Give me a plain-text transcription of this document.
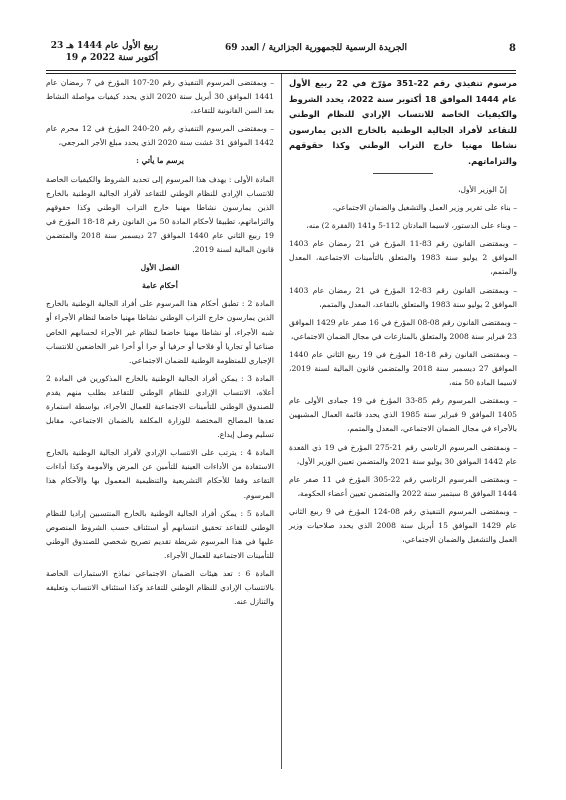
23 ربيع الأول عام 1444 هـ
19 أكتوبر سنة 2022 م
الجريدة الرسمية للجمهورية الجزائرية / العدد 69	8

مرسوم تنفيذي رقم 22-351 مؤرّخ في 22 ربيع الأول عام 1444 الموافق 18 أكتوبر سنة 2022، يحدد الشروط والكيفيات الخاصة للانتساب الإرادي للنظام الوطني للتقاعد لأفراد الجالية الوطنية بالخارج الذين يمارسون نشاطا مهنيا خارج التراب الوطني وكذا حقوقهم والتزاماتهم.

إنّ الوزير الأول،

– بناء على تقرير وزير العمل والتشغيل والضمان الاجتماعي،

– وبناء على الدستور، لاسيما المادتان 112-5 و141 (الفقرة 2) منه،

– وبمقتضى القانون رقم 83-11 المؤرخ في 21 رمضان عام 1403 الموافق 2 يوليو سنة 1983 والمتعلق بالتأمينات الاجتماعية، المعدل والمتمم،

– وبمقتضى القانون رقم 83-12 المؤرخ في 21 رمضان عام 1403 الموافق 2 يوليو سنة 1983 والمتعلق بالتقاعد، المعدل والمتمم،

– وبمقتضى القانون رقم 08-08 المؤرخ في 16 صفر عام 1429 الموافق 23 فبراير سنة 2008 والمتعلق بالمنازعات في مجال الضمان الاجتماعي،

– وبمقتضى القانون رقم 18-18 المؤرخ في 19 ربيع الثاني عام 1440 الموافق 27 ديسمبر سنة 2018 والمتضمن قانون المالية لسنة 2019، لاسيما المادة 50 منه،

– وبمقتضى المرسوم رقم 85-33 المؤرخ في 19 جمادى الأولى عام 1405 الموافق 9 فبراير سنة 1985 الذي يحدد قائمة العمال المشبهين بالأجراء في مجال الضمان الاجتماعي، المعدل والمتمم،

– وبمقتضى المرسوم الرئاسي رقم 21-275 المؤرخ في 19 ذي القعدة عام 1442 الموافق 30 يوليو سنة 2021 والمتضمن تعيين الوزير الأول،

– وبمقتضى المرسوم الرئاسي رقم 22-305 المؤرخ في 11 صفر عام 1444 الموافق 8 سبتمبر سنة 2022 والمتضمن تعيين أعضاء الحكومة،

– وبمقتضى المرسوم التنفيذي رقم 08-124 المؤرخ في 9 ربيع الثاني عام 1429 الموافق 15 أبريل سنة 2008 الذي يحدد صلاحيات وزير العمل والتشغيل والضمان الاجتماعي،

– وبمقتضى المرسوم التنفيذي رقم 20-107 المؤرخ في 7 رمضان عام 1441 الموافق 30 أبريل سنة 2020 الذي يحدد كيفيات مواصلة النشاط بعد السن القانونية للتقاعد،

– وبمقتضى المرسوم التنفيذي رقم 20-240 المؤرخ في 12 محرم عام 1442 الموافق 31 غشت سنة 2020 الذي يحدد مبلغ الأجر المرجعي،

يرسم ما يأتي :

المادة الأولى : يهدف هذا المرسوم إلى تحديد الشروط والكيفيات الخاصة للانتساب الإرادي للنظام الوطني للتقاعد لأفراد الجالية الوطنية بالخارج الذين يمارسون نشاطا مهنيا خارج التراب الوطني وكذا حقوقهم والتزاماتهم، تطبيقا لأحكام المادة 50 من القانون رقم 18-18 المؤرخ في 19 ربيع الثاني عام 1440 الموافق 27 ديسمبر سنة 2018 والمتضمن قانون المالية لسنة 2019.

الفصل الأول

أحكام عامة

المادة 2 : تطبق أحكام هذا المرسوم على أفراد الجالية الوطنية بالخارج الذين يمارسون خارج التراب الوطني نشاطا مهنيا خاضعا لنظام الأجراء أو شبه الأجراء، أو نشاطا مهنيا خاضعا لنظام غير الأجراء لحسابهم الخاص صناعيا أو تجاريا أو فلاحيا أو حرفيا أو حرا أو أخرا غير الخاضعين للانتساب الإجباري للمنظومة الوطنية للضمان الاجتماعي.

المادة 3 : يمكن أفراد الجالية الوطنية بالخارج المذكورين في المادة 2 أعلاه، الانتساب الإرادي للنظام الوطني للتقاعد بطلب منهم يقدم للصندوق الوطني للتأمينات الاجتماعية للعمال الأجراء، بواسطة استمارة تعدها المصالح المختصة للوزارة المكلفة بالضمان الاجتماعي، مقابل تسليم وصل إيداع.

المادة 4 : يترتب على الانتساب الإرادي لأفراد الجالية الوطنية بالخارج الاستفادة من الأداءات العينية للتأمين عن المرض والأمومة وكذا أداءات التقاعد وفقا للأحكام التشريعية والتنظيمية المعمول بها والأحكام هذا المرسوم.

المادة 5 : يمكن أفراد الجالية الوطنية بالخارج المنتسبين إراديا للنظام الوطني للتقاعد تحقيق انتسابهم أو استئناف حسب الشروط المنصوص عليها في هذا المرسوم شريطة تقديم تصريح شخصي للصندوق الوطني للتأمينات الاجتماعية للعمال الأجراء.

المادة 6 : تعد هيئات الضمان الاجتماعي نماذج الاستمارات الخاصة بالانتساب الإرادي للنظام الوطني للتقاعد وكذا استئناف الانتساب وتعليقه والتنازل عنه.
